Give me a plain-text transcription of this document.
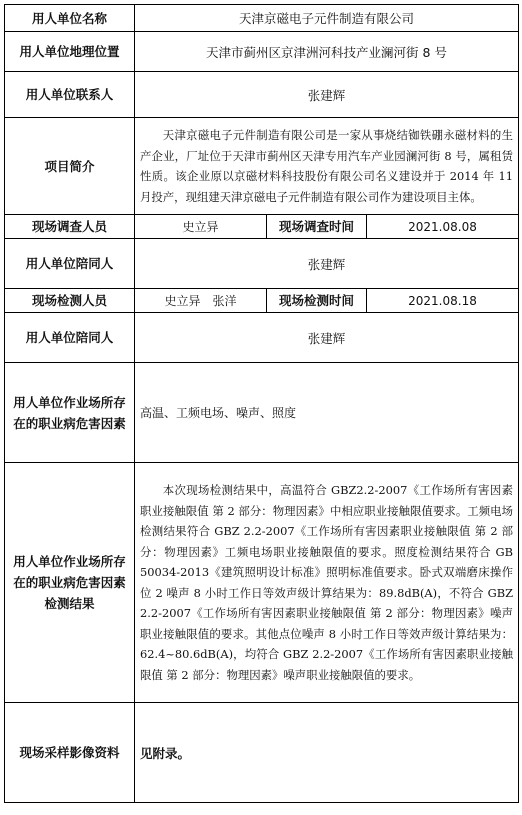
用人单位名称	天津京磁电子元件制造有限公司		
用人单位地理位置	天津市蓟州区京津洲河科技产业澜河街 8 号		
用人单位联系人	张建辉		
项目简介	天津京磁电子元件制造有限公司是一家从事烧结铷铁硼永磁材料的生产企业，厂址位于天津市蓟州区天津专用汽车产业园澜河街 8 号，属租赁性质。该企业原以京磁材料科技股份有限公司名义建设并于 2014 年 11 月投产，现组建天津京磁电子元件制造有限公司作为建设项目主体。		
现场调查人员	史立异	现场调查时间	2021.08.08
用人单位陪同人	张建辉		
现场检测人员	史立异　张洋	现场检测时间	2021.08.18
用人单位陪同人	张建辉		
用人单位作业场所存在的职业病危害因素	高温、工频电场、噪声、照度		
用人单位作业场所存在的职业病危害因素检测结果	本次现场检测结果中，高温符合 GBZ2.2-2007《工作场所有害因素职业接触限值 第 2 部分：物理因素》中相应职业接触限值要求。工频电场检测结果符合 GBZ 2.2-2007《工作场所有害因素职业接触限值 第 2 部分：物理因素》工频电场职业接触限值的要求。照度检测结果符合 GB 50034-2013《建筑照明设计标准》照明标准值要求。卧式双端磨床操作位 2 噪声 8 小时工作日等效声级计算结果为：89.8dB(A)，不符合 GBZ 2.2-2007《工作场所有害因素职业接触限值 第 2 部分：物理因素》噪声职业接触限值的要求。其他点位噪声 8 小时工作日等效声级计算结果为：62.4~80.6dB(A)，均符合 GBZ 2.2-2007《工作场所有害因素职业接触限值 第 2 部分：物理因素》噪声职业接触限值的要求。		
现场采样影像资料	见附录。		
